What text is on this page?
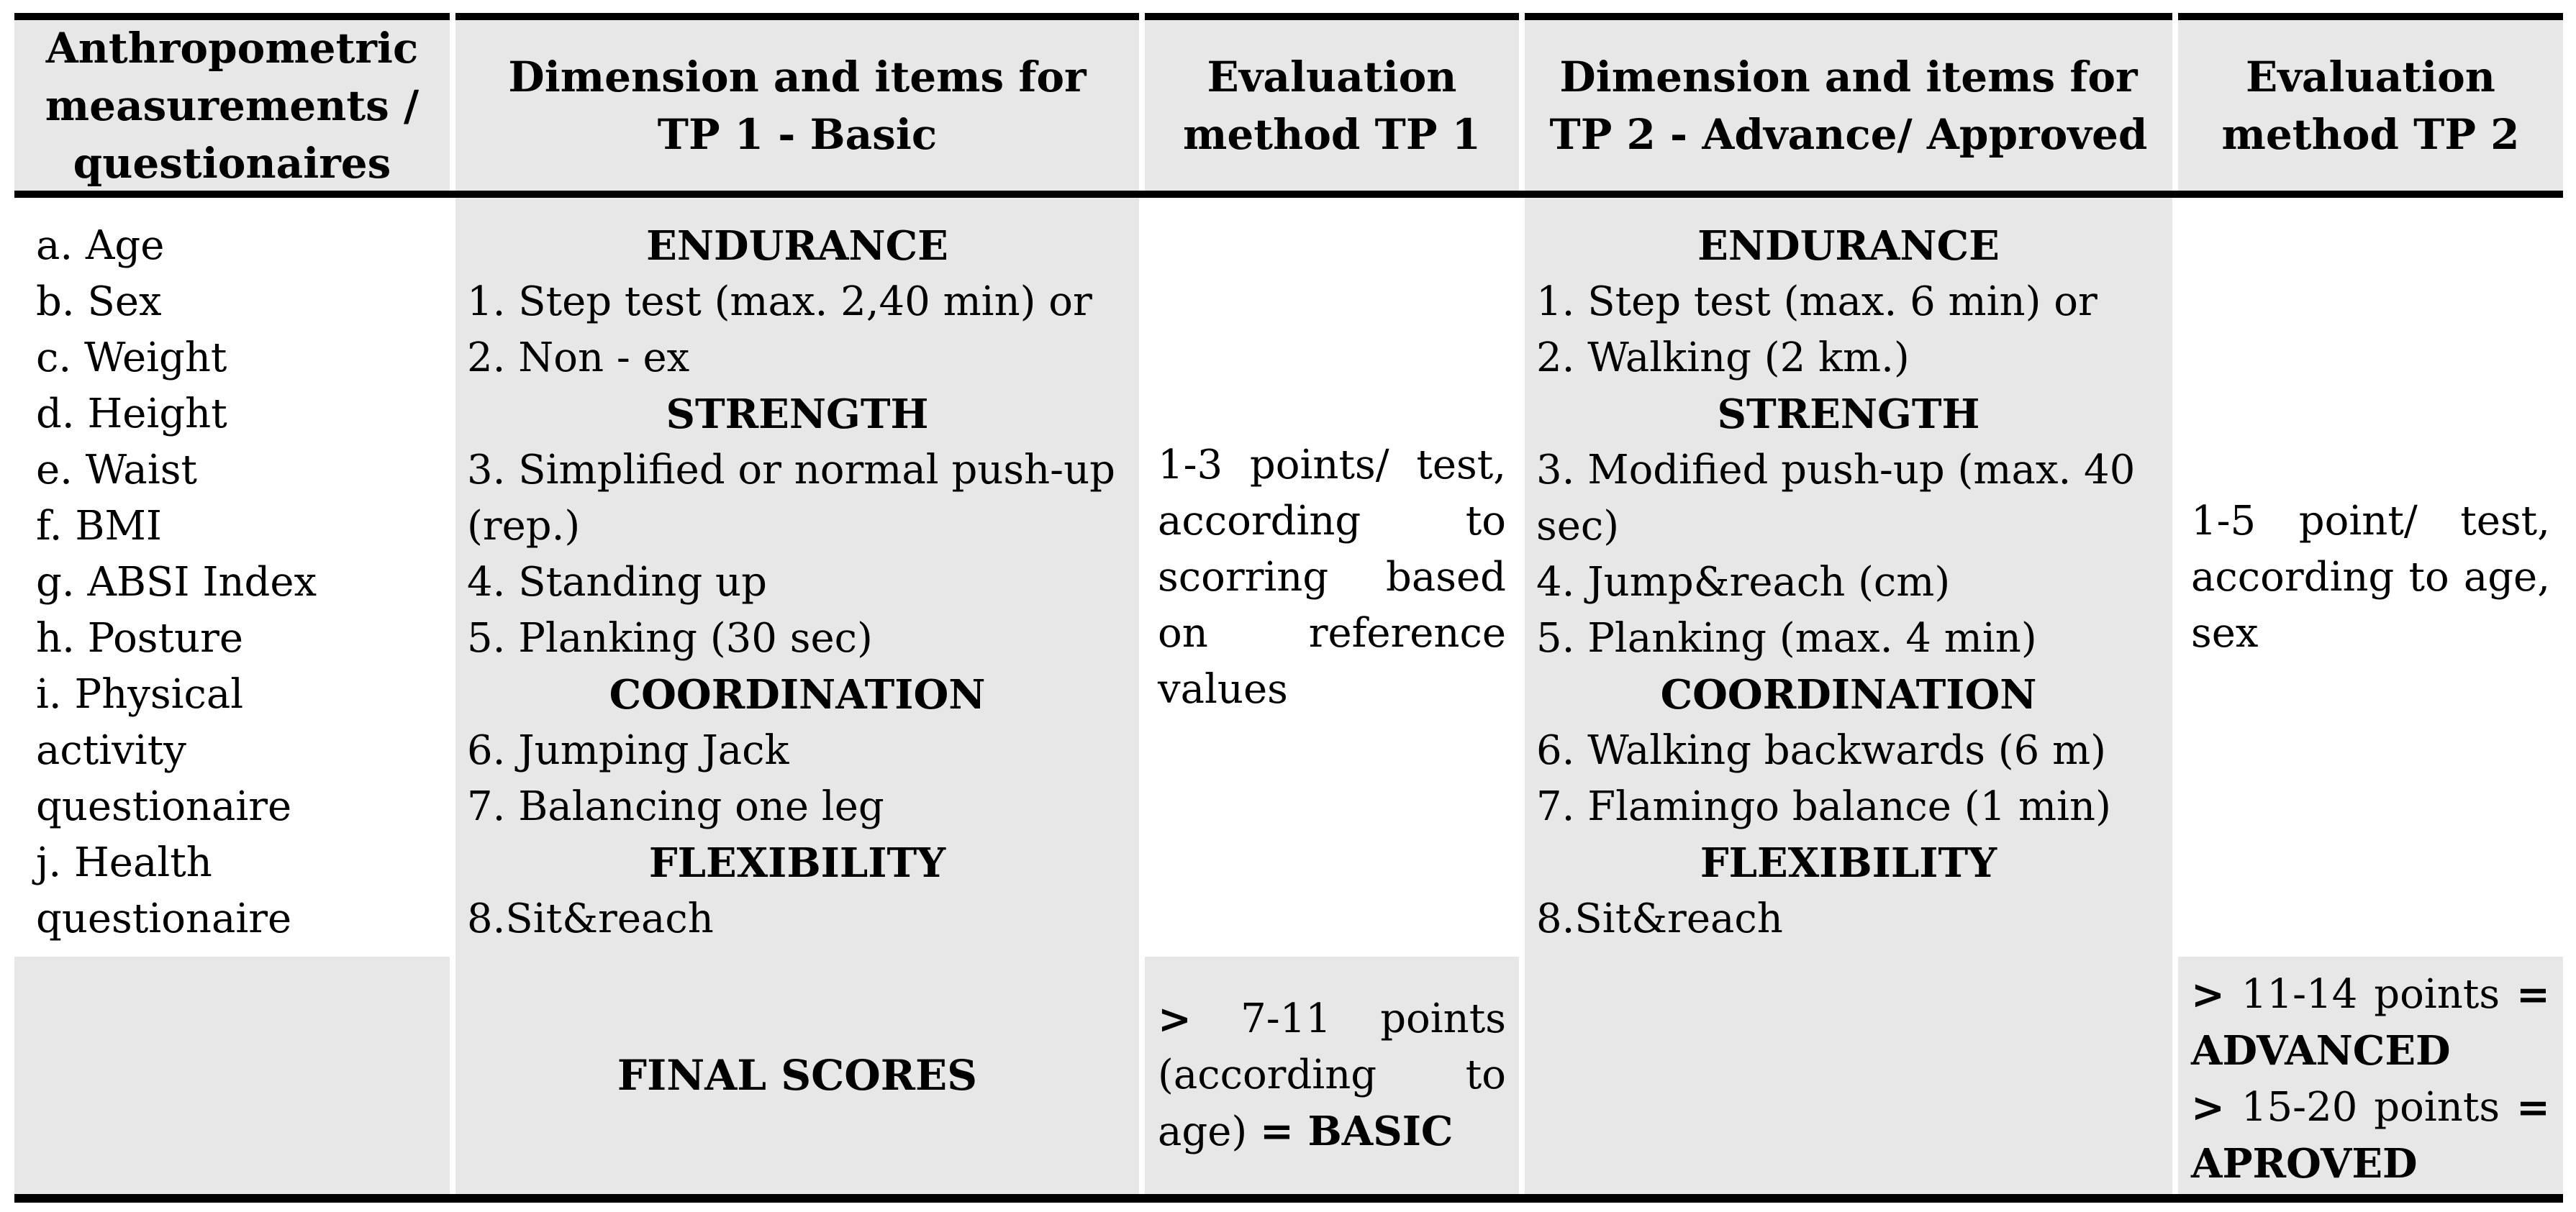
Anthropometric
measurements /
questionaires
Dimension and items for
TP 1 - Basic
Evaluation
method TP 1
Dimension and items for
TP 2 - Advance/ Approved
Evaluation
method TP 2
a. Age
b. Sex
c. Weight
d. Height
e. Waist
f. BMI
g. ABSI Index
h. Posture
i. Physical
activity
questionaire
j. Health
questionaire
ENDURANCE
1. Step test (max. 2,40 min) or
2. Non - ex
STRENGTH
3. Simplified or normal push-up
(rep.)
4. Standing up
5. Planking (30 sec)
COORDINATION
6. Jumping Jack
7. Balancing one leg
FLEXIBILITY
8.Sit&reach
1-3 points/ test,
according	to
scorring based
on reference
values
ENDURANCE
1. Step test (max. 6 min) or
2. Walking (2 km.)
STRENGTH
3. Modified push-up (max. 40
sec)
4. Jump&reach (cm)
5. Planking (max. 4 min)
COORDINATION
6. Walking backwards (6 m)
7. Flamingo balance (1 min)
FLEXIBILITY
8.Sit&reach
1-5 point/ test,
according to age,
sex
FINAL SCORES
> 7-11 points
(according to
age) = BASIC
> 11-14 points =
ADVANCED
> 15-20 points =
APROVED
